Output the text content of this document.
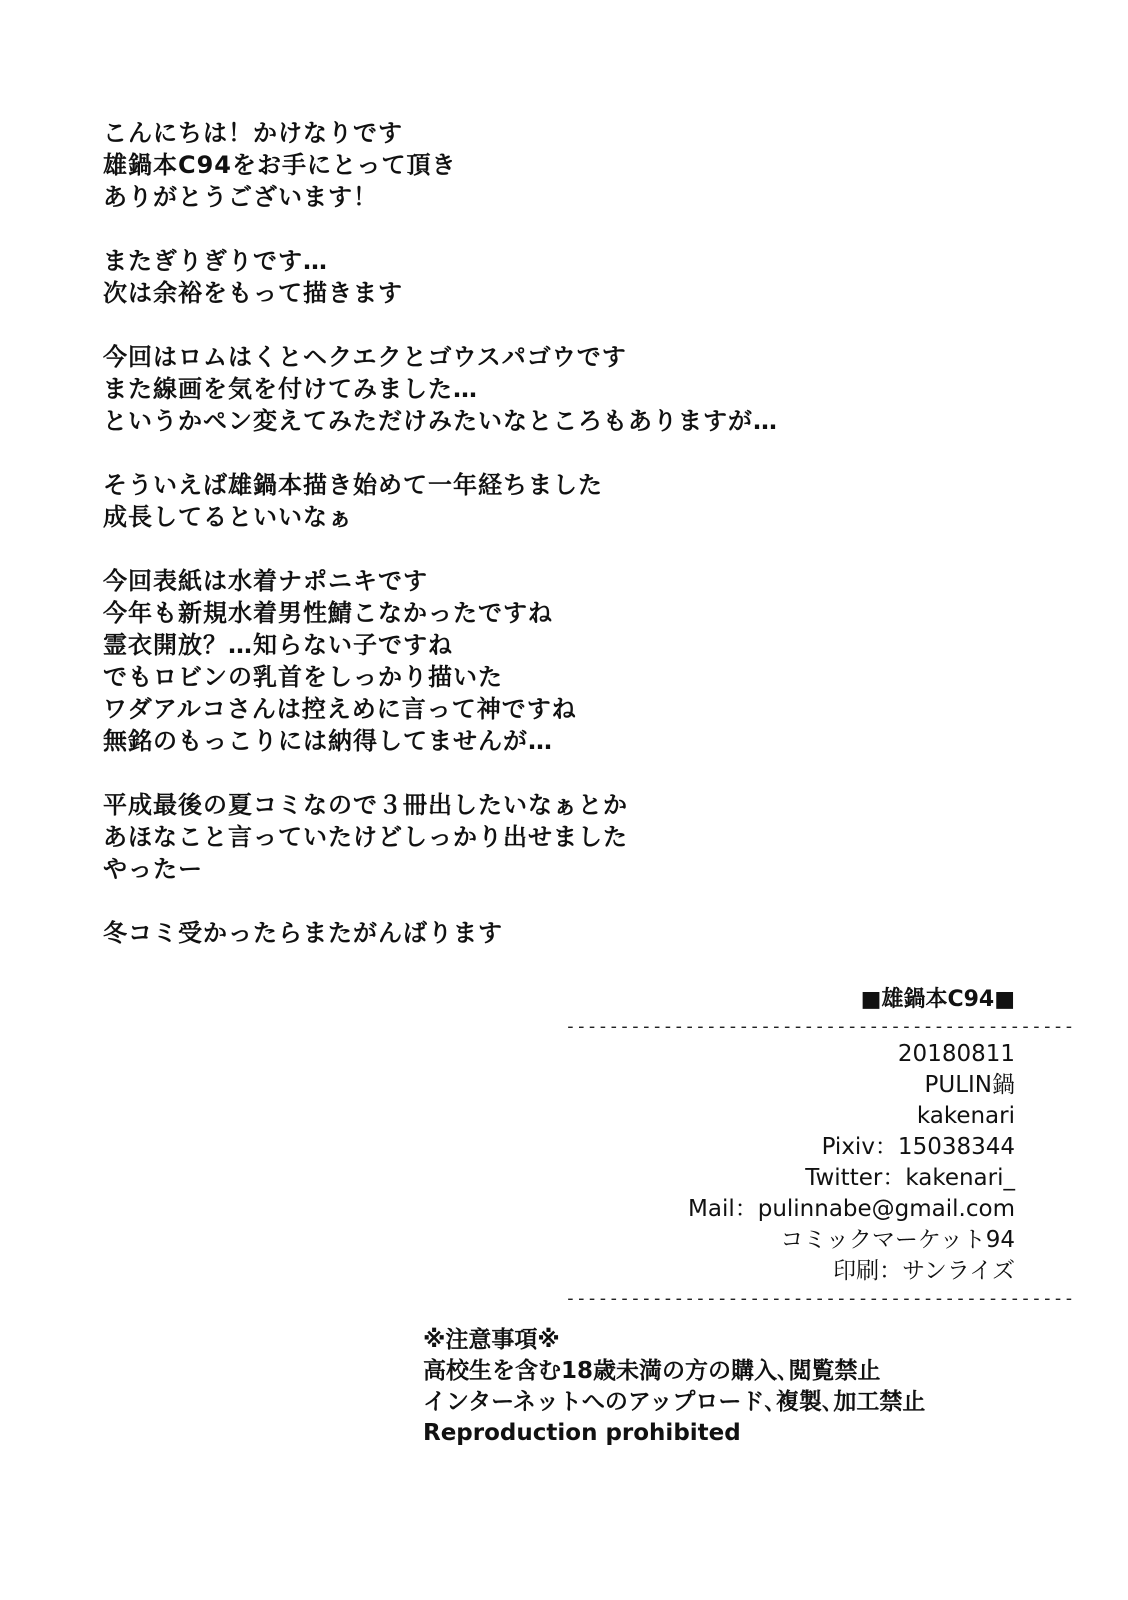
こんにちは！かけなりです
雄鍋本C94をお手にとって頂き
ありがとうございます！
またぎりぎりです…
次は余裕をもって描きます
今回はロムはくとヘクエクとゴウスパゴウです
また線画を気を付けてみました…
というかペン変えてみただけみたいなところもありますが…
そういえば雄鍋本描き始めて一年経ちました
成長してるといいなぁ
今回表紙は水着ナポニキです
今年も新規水着男性鯖こなかったですね
霊衣開放？…知らない子ですね
でもロビンの乳首をしっかり描いた
ワダアルコさんは控えめに言って神ですね
無銘のもっこりには納得してませんが…
平成最後の夏コミなので３冊出したいなぁとか
あほなこと言っていたけどしっかり出せました
やったー
冬コミ受かったらまたがんばります
■雄鍋本C94■
-----------------------------------------------
20180811
PULIN鍋
kakenari
Pixiv：15038344
Twitter：kakenari_
Mail：pulinnabe@gmail.com
コミックマーケット94
印刷：サンライズ
-----------------------------------------------
※注意事項※
高校生を含む18歳未満の方の購入､閲覧禁止
インターネットへのアップロード､複製､加工禁止
Reproduction prohibited
